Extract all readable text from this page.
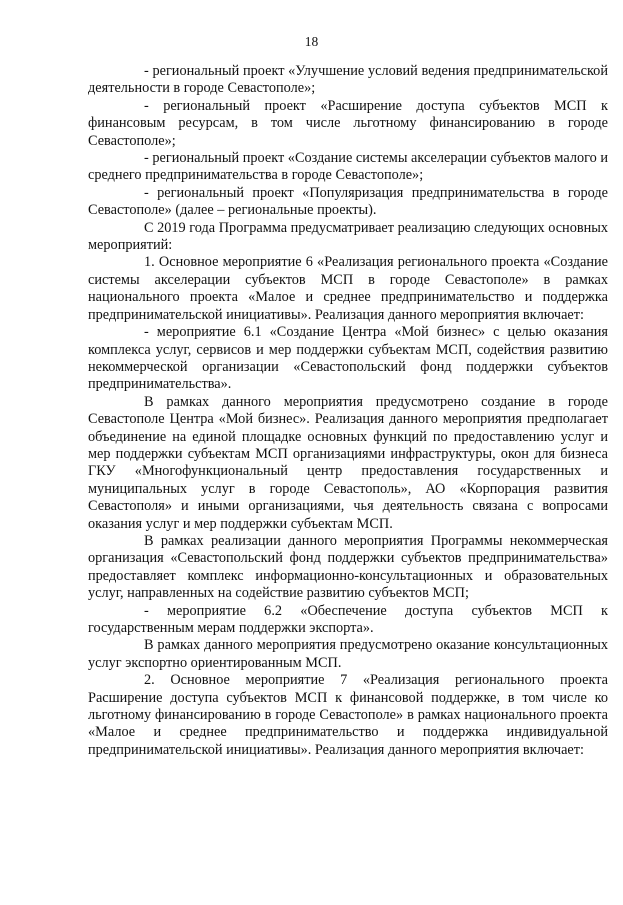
18

- региональный проект «Улучшение условий ведения предпринимательской деятельности в городе Севастополе»;

- региональный проект «Расширение доступа субъектов МСП к финансовым ресурсам, в том числе льготному финансированию в городе Севастополе»;

- региональный проект «Создание системы акселерации субъектов малого и среднего предпринимательства в городе Севастополе»;

- региональный проект «Популяризация предпринимательства в городе Севастополе» (далее – региональные проекты).

С 2019 года Программа предусматривает реализацию следующих основных мероприятий:

1. Основное мероприятие 6 «Реализация регионального проекта «Создание системы акселерации субъектов МСП в городе Севастополе» в рамках национального проекта «Малое и среднее предпринимательство и поддержка предпринимательской инициативы». Реализация данного мероприятия включает:

- мероприятие 6.1 «Создание Центра «Мой бизнес» с целью оказания комплекса услуг, сервисов и мер поддержки субъектам МСП, содействия развитию некоммерческой организации «Севастопольский фонд поддержки субъектов предпринимательства».

В рамках данного мероприятия предусмотрено создание в городе Севастополе Центра «Мой бизнес». Реализация данного мероприятия предполагает объединение на единой площадке основных функций по предоставлению услуг и мер поддержки субъектам МСП организациями инфраструктуры, окон для бизнеса ГКУ «Многофункциональный центр предоставления государственных и муниципальных услуг в городе Севастополь», АО «Корпорация развития Севастополя» и иными организациями, чья деятельность связана с вопросами оказания услуг и мер поддержки субъектам МСП.

В рамках реализации данного мероприятия Программы некоммерческая организация «Севастопольский фонд поддержки субъектов предпринимательства» предоставляет комплекс информационно-консультационных и образовательных услуг, направленных на содействие развитию субъектов МСП;

- мероприятие 6.2 «Обеспечение доступа субъектов МСП к государственным мерам поддержки экспорта».

В рамках данного мероприятия предусмотрено оказание консультационных услуг экспортно ориентированным МСП.

2. Основное мероприятие 7 «Реализация регионального проекта Расширение доступа субъектов МСП к финансовой поддержке, в том числе ко льготному финансированию в городе Севастополе» в рамках национального проекта «Малое и среднее предпринимательство и поддержка индивидуальной предпринимательской инициативы». Реализация данного мероприятия включает:
